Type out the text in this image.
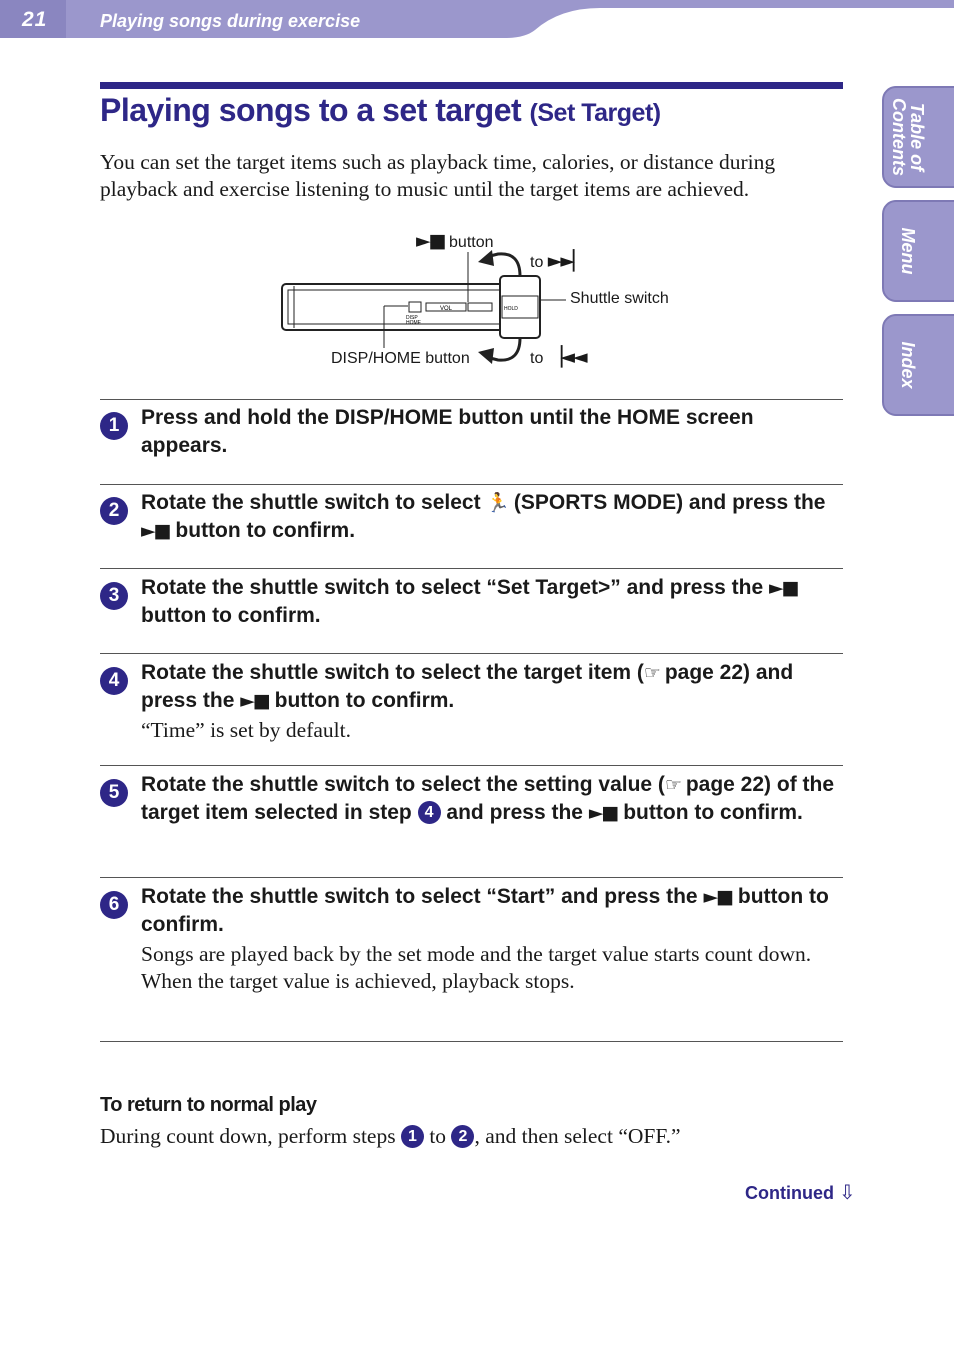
21	Playing songs during exercise
Table of
Contents
Menu
Index
Playing songs to a set target (Set Target)

You can set the target items such as playback time, calories, or distance during playback and exercise listening to music until the target items are achieved.

VOL
DISP
HOME
HOLD
►■ button
to ►►▏
Shuttle switch
to ▕◄◄
DISP/HOME button
1	Press and hold the DISP/HOME button until the HOME screen appears.

2	Rotate the shuttle switch to select 🏃 (SPORTS MODE) and press the ►■ button to confirm.

3	Rotate the shuttle switch to select “Set Target>” and press the ►■ button to confirm.

4	Rotate the shuttle switch to select the target item (☞ page 22) and press the ►■ button to confirm.

“Time” is set by default.

5	Rotate the shuttle switch to select the setting value (☞ page 22) of the target item selected in step 4 and press the ►■ button to confirm.

6	Rotate the shuttle switch to select “Start” and press the ►■ button to confirm.

Songs are played back by the set mode and the target value starts count down.

When the target value is achieved, playback stops.

To return to normal play

During count down, perform steps 1 to 2 , and then select “OFF.”

Continued ⇩
